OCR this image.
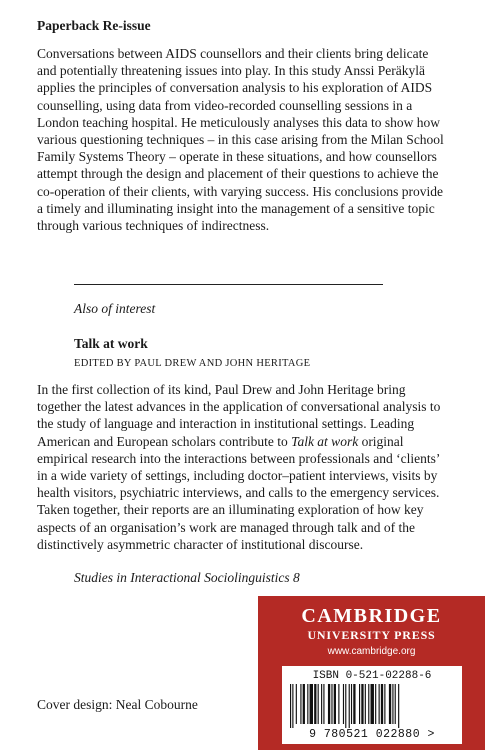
Paperback Re-issue

Conversations between AIDS counsellors and their clients bring delicate and potentially threatening issues into play. In this study Anssi Peräkylä applies the principles of conversation analysis to his exploration of AIDS counselling, using data from video-recorded counselling sessions in a London teaching hospital. He meticulously analyses this data to show how various questioning techniques – in this case arising from the Milan School Family Systems Theory – operate in these situations, and how counsellors attempt through the design and placement of their questions to achieve the co-operation of their clients, with varying success. His conclusions provide a timely and illuminating insight into the management of a sensitive topic through various techniques of indirectness.

Also of interest
Talk at work
EDITED BY PAUL DREW AND JOHN HERITAGE

In the first collection of its kind, Paul Drew and John Heritage bring together the latest advances in the application of conversational analysis to the study of language and interaction in institutional settings. Leading American and European scholars contribute to Talk at work original empirical research into the interactions between professionals and ‘clients’ in a wide variety of settings, including doctor–patient interviews, visits by health visitors, psychiatric interviews, and calls to the emergency services. Taken together, their reports are an illuminating exploration of how key aspects of an organisation’s work are managed through talk and of the distinctively asymmetric character of institutional discourse.

Studies in Interactional Sociolinguistics 8
Cover design: Neal Cobourne
CAMBRIDGE
UNIVERSITY PRESS
www.cambridge.org
ISBN 0-521-02288-6
9 780521 022880 >
